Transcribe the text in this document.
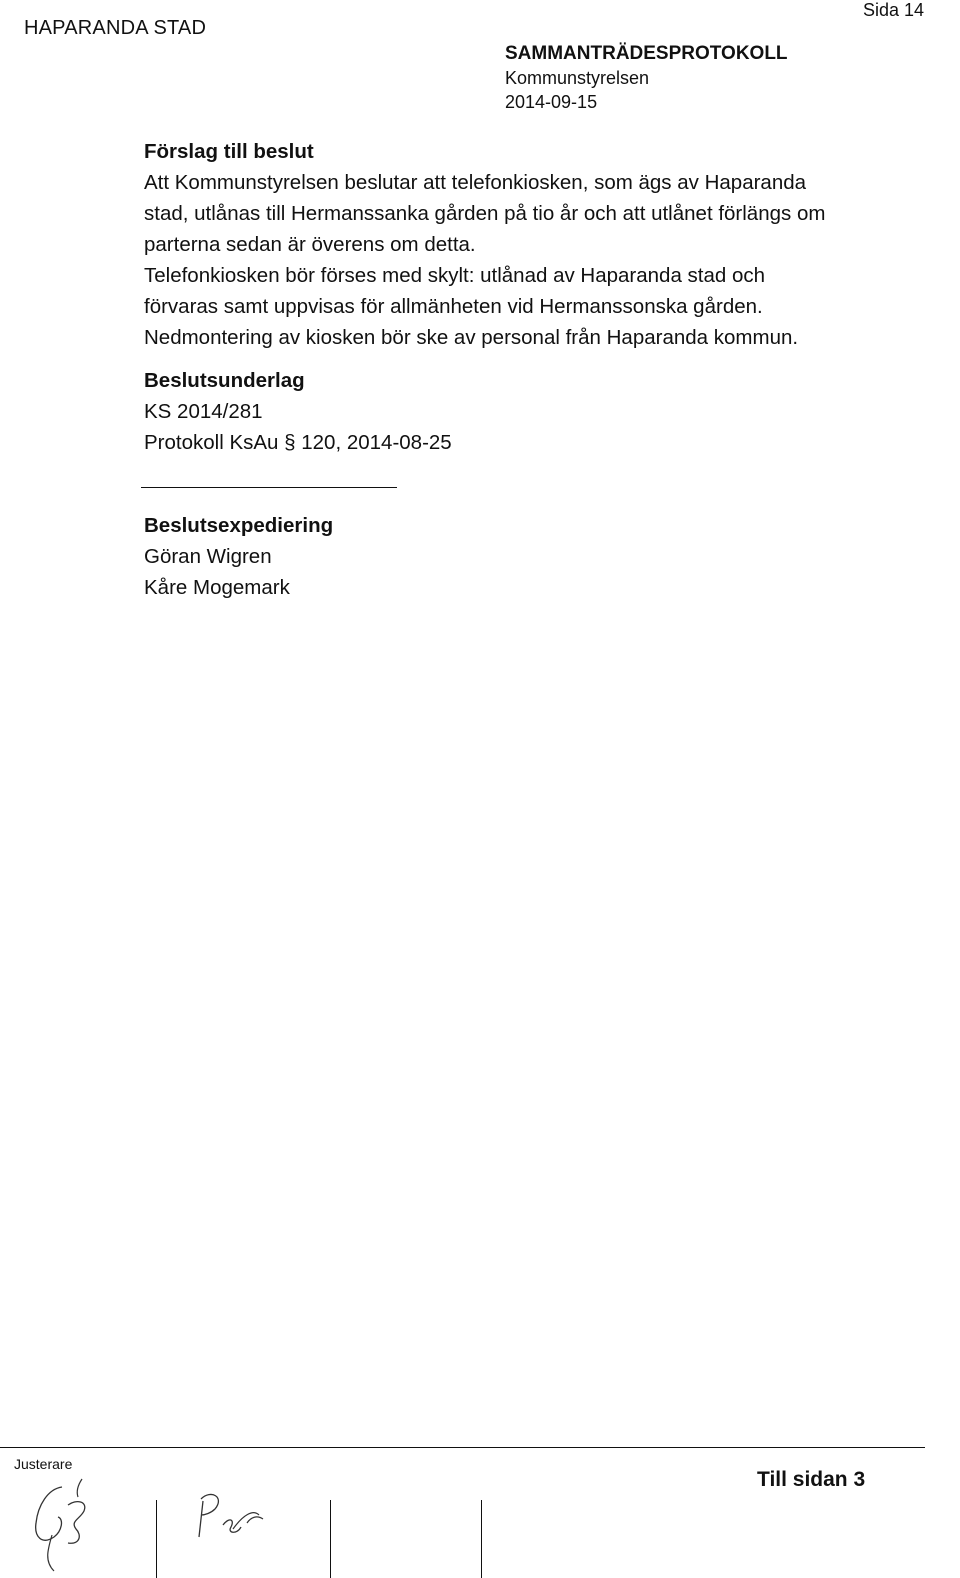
HAPARANDA STAD
Sida 14
SAMMANTRÄDESPROTOKOLL
Kommunstyrelsen
2014-09-15
Förslag till beslut
Att Kommunstyrelsen beslutar att telefonkiosken, som ägs av Haparanda
stad, utlånas till Hermanssanka gården på tio år och att utlånet förlängs om
parterna sedan är överens om detta.
Telefonkiosken bör förses med skylt: utlånad av Haparanda stad och
förvaras samt uppvisas för allmänheten vid Hermanssonska gården.
Nedmontering av kiosken bör ske av personal från Haparanda kommun.
Beslutsunderlag
KS 2014/281
Protokoll KsAu § 120, 2014-08-25
Beslutsexpediering
Göran Wigren
Kåre Mogemark
Justerare
Till sidan 3
